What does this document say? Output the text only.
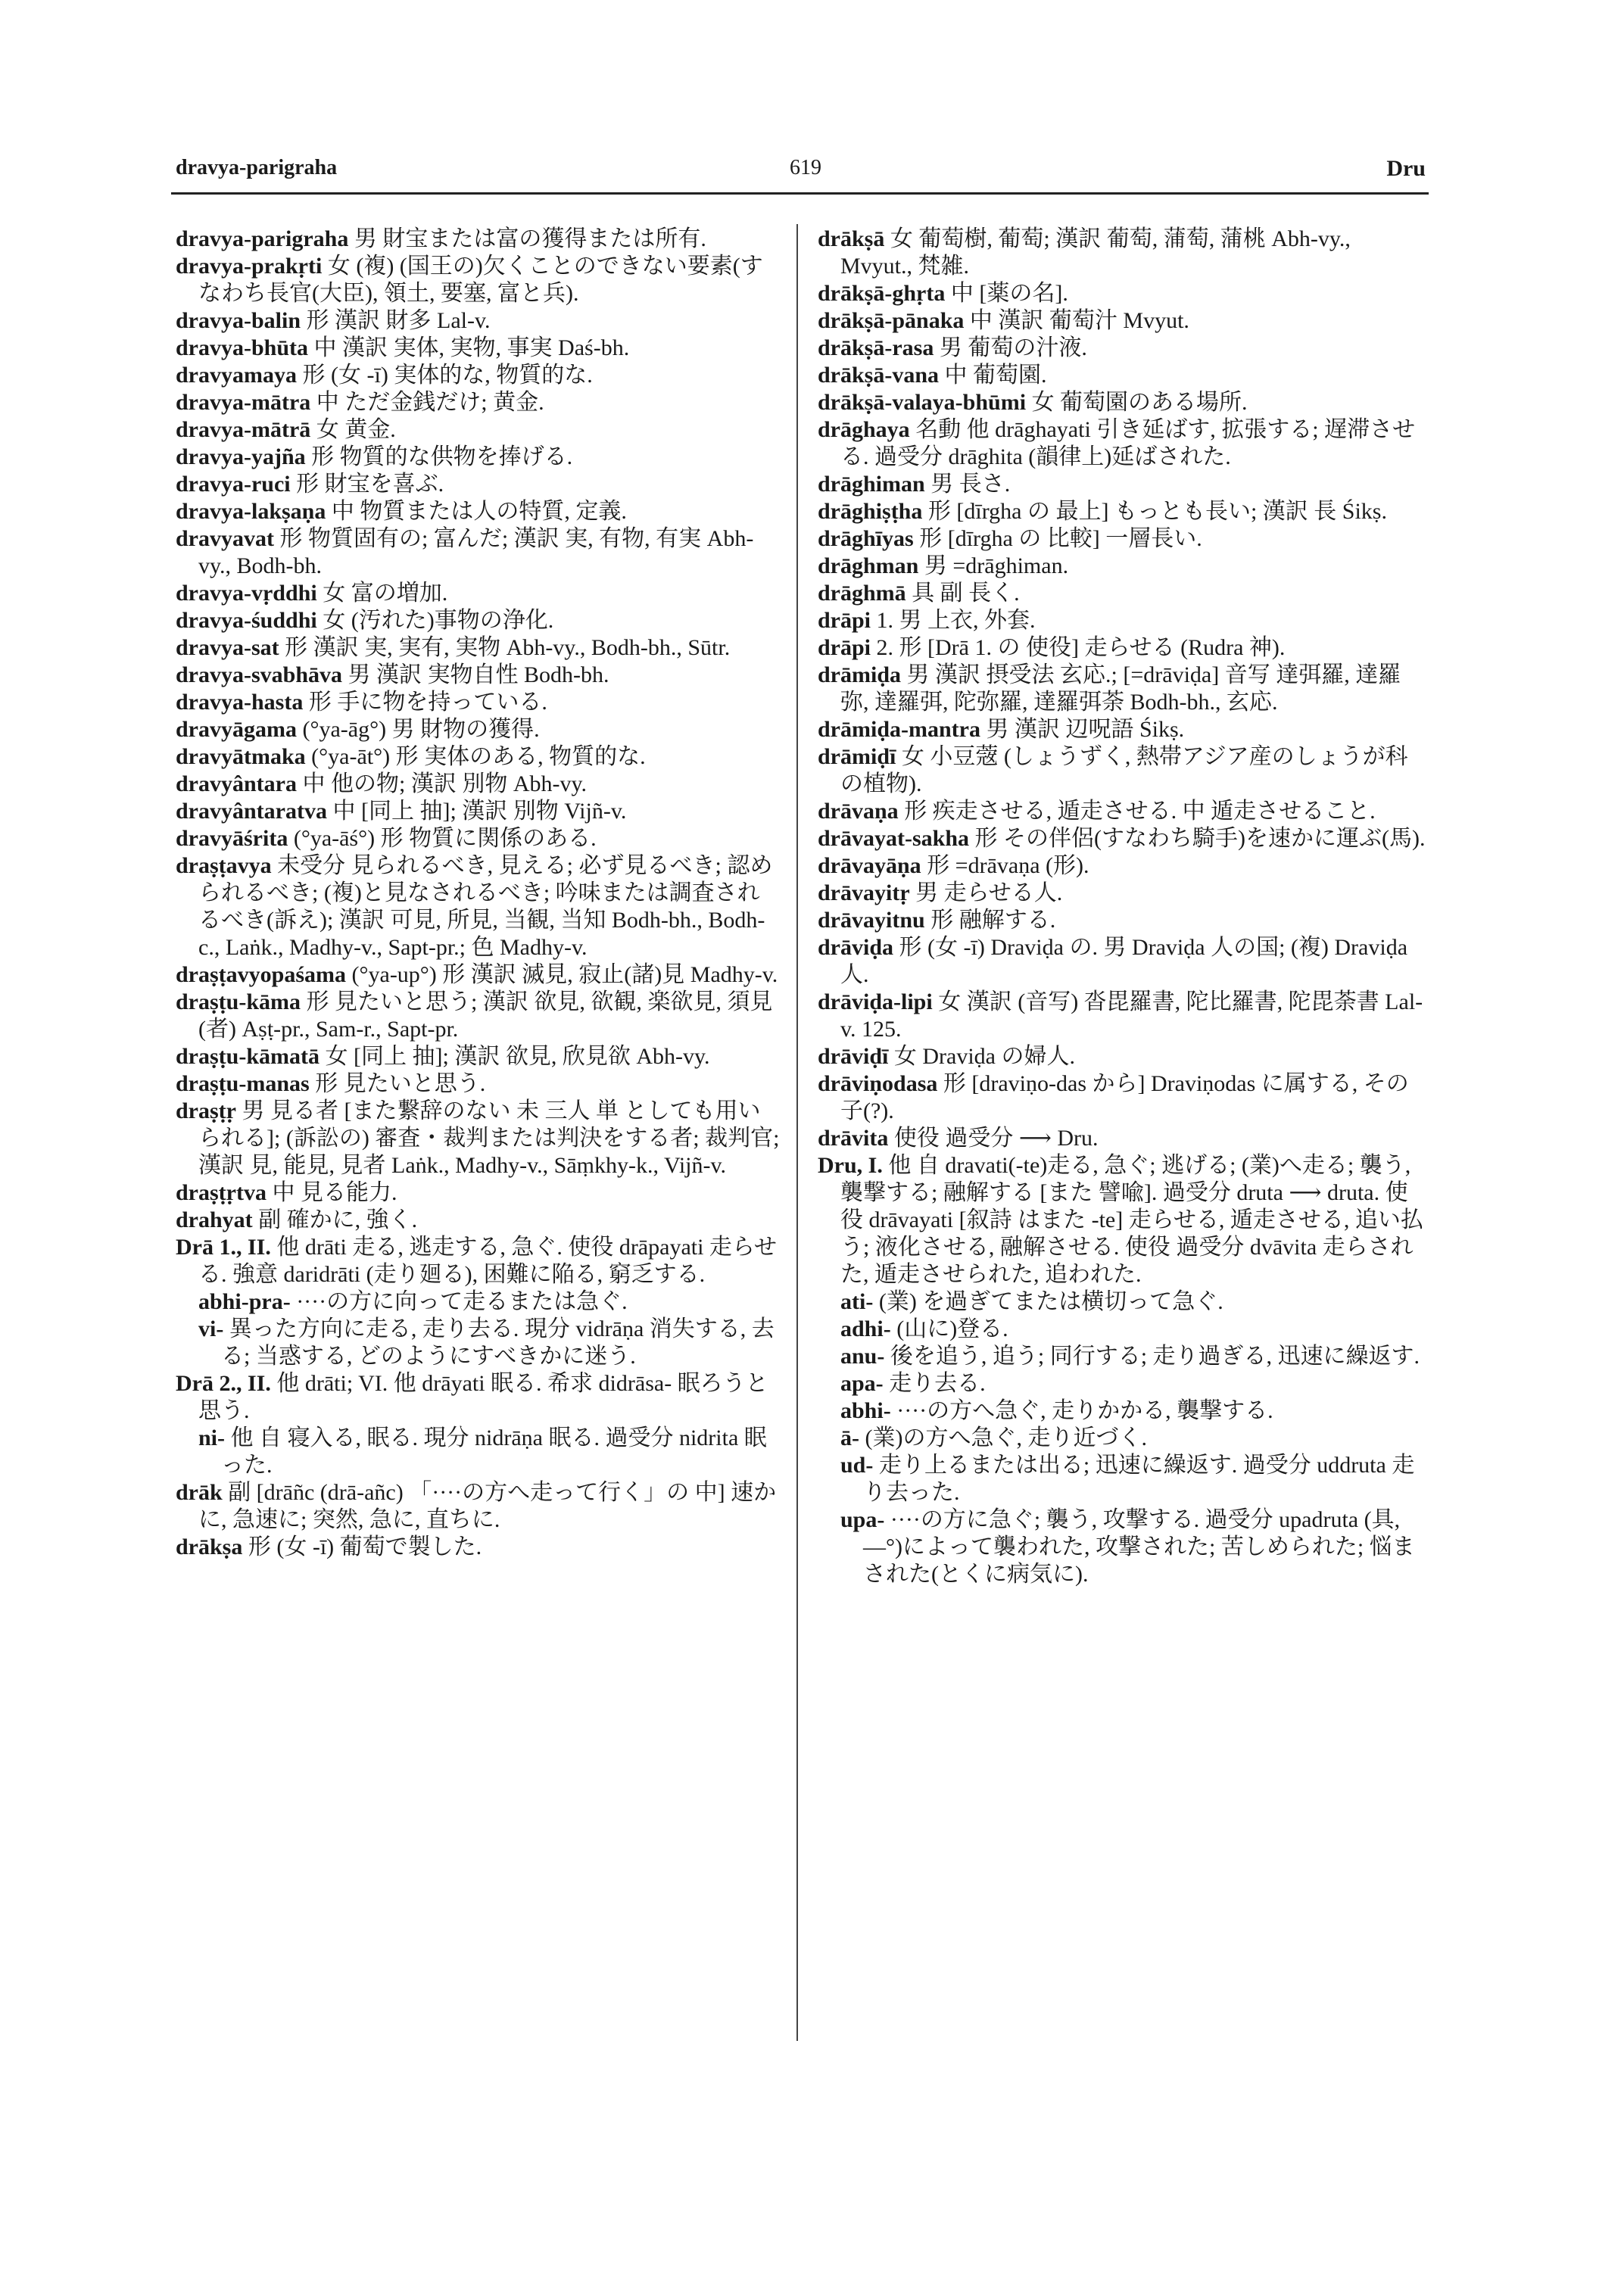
dravya-parigraha	619	Dru

dravya-parigraha 男 財宝または富の獲得または所有.

dravya-prakṛti 女 (複) (国王の)欠くことのできない要素(すなわち長官(大臣), 領土, 要塞, 富と兵).

dravya-balin 形 漢訳 財多 Lal-v.

dravya-bhūta 中 漢訳 実体, 実物, 事実 Daś-bh.

dravyamaya 形 (女 -ī) 実体的な, 物質的な.

dravya-mātra 中 ただ金銭だけ; 黄金.

dravya-mātrā 女 黄金.

dravya-yajña 形 物質的な供物を捧げる.

dravya-ruci 形 財宝を喜ぶ.

dravya-lakṣaṇa 中 物質または人の特質, 定義.

dravyavat 形 物質固有の; 富んだ; 漢訳 実, 有物, 有実 Abh-vy., Bodh-bh.

dravya-vṛddhi 女 富の増加.

dravya-śuddhi 女 (汚れた)事物の浄化.

dravya-sat 形 漢訳 実, 実有, 実物 Abh-vy., Bodh-bh., Sūtr.

dravya-svabhāva 男 漢訳 実物自性 Bodh-bh.

dravya-hasta 形 手に物を持っている.

dravyāgama (°ya-āg°) 男 財物の獲得.

dravyātmaka (°ya-āt°) 形 実体のある, 物質的な.

dravyântara 中 他の物; 漢訳 別物 Abh-vy.

dravyântaratva 中 [同上 抽]; 漢訳 別物 Vijñ-v.

dravyāśrita (°ya-āś°) 形 物質に関係のある.

draṣṭavya 未受分 見られるべき, 見える; 必ず見るべき; 認められるべき; (複)と見なされるべき; 吟味または調査されるべき(訴え); 漢訳 可見, 所見, 当観, 当知 Bodh-bh., Bodh-c., Laṅk., Madhy-v., Sapt-pr.; 色 Madhy-v.

draṣṭavyopaśama (°ya-up°) 形 漢訳 滅見, 寂止(諸)見 Madhy-v.

draṣṭu-kāma 形 見たいと思う; 漢訳 欲見, 欲観, 楽欲見, 須見(者) Aṣṭ-pr., Sam-r., Sapt-pr.

draṣṭu-kāmatā 女 [同上 抽]; 漢訳 欲見, 欣見欲 Abh-vy.

draṣṭu-manas 形 見たいと思う.

draṣṭṛ 男 見る者 [また繋辞のない 未 三人 単 としても用いられる]; (訴訟の) 審査・裁判または判決をする者; 裁判官; 漢訳 見, 能見, 見者 Laṅk., Madhy-v., Sāṃkhy-k., Vijñ-v.

draṣṭṛtva 中 見る能力.

drahyat 副 確かに, 強く.

Drā 1., II. 他 drāti 走る, 逃走する, 急ぐ. 使役 drāpayati 走らせる. 強意 daridrāti (走り廻る), 困難に陥る, 窮乏する.

abhi-pra- ····の方に向って走るまたは急ぐ.

vi- 異った方向に走る, 走り去る. 現分 vidrāṇa 消失する, 去る; 当惑する, どのようにすべきかに迷う.

Drā 2., II. 他 drāti; VI. 他 drāyati 眠る. 希求 didrāsa- 眠ろうと思う.

ni- 他 自 寝入る, 眠る. 現分 nidrāṇa 眠る. 過受分 nidrita 眠った.

drāk 副 [drāñc (drā-añc) 「····の方へ走って行く」の 中] 速かに, 急速に; 突然, 急に, 直ちに.

drākṣa 形 (女 -ī) 葡萄で製した.

drākṣā 女 葡萄樹, 葡萄; 漢訳 葡萄, 蒲萄, 蒲桃 Abh-vy., Mvyut., 梵雑.

drākṣā-ghṛta 中 [薬の名].

drākṣā-pānaka 中 漢訳 葡萄汁 Mvyut.

drākṣā-rasa 男 葡萄の汁液.

drākṣā-vana 中 葡萄園.

drākṣā-valaya-bhūmi 女 葡萄園のある場所.

drāghaya 名動 他 drāghayati 引き延ばす, 拡張する; 遅滞させる. 過受分 drāghita (韻律上)延ばされた.

drāghiman 男 長さ.

drāghiṣṭha 形 [dīrgha の 最上] もっとも長い; 漢訳 長 Śikṣ.

drāghīyas 形 [dīrgha の 比較] 一層長い.

drāghman 男 =drāghiman.

drāghmā 具 副 長く.

drāpi 1. 男 上衣, 外套.

drāpi 2. 形 [Drā 1. の 使役] 走らせる (Rudra 神).

drāmiḍa 男 漢訳 摂受法 玄応.; [=drāviḍa] 音写 達弭羅, 達羅弥, 達羅弭, 陀弥羅, 達羅弭荼 Bodh-bh., 玄応.

drāmiḍa-mantra 男 漢訳 辺呪語 Śikṣ.

drāmiḍī 女 小豆蔲 (しょうずく, 熱帯アジア産のしょうが科の植物).

drāvaṇa 形 疾走させる, 遁走させる. 中 遁走させること.

drāvayat-sakha 形 その伴侶(すなわち騎手)を速かに運ぶ(馬).

drāvayāṇa 形 =drāvaṇa (形).

drāvayitṛ 男 走らせる人.

drāvayitnu 形 融解する.

drāviḍa 形 (女 -ī) Draviḍa の. 男 Draviḍa 人の国; (複) Draviḍa 人.

drāviḍa-lipi 女 漢訳 (音写) 沓毘羅書, 陀比羅書, 陀毘荼書 Lal-v. 125.

drāviḍī 女 Draviḍa の婦人.

drāviṇodasa 形 [draviṇo-das から] Draviṇodas に属する, その子(?).

drāvita 使役 過受分 ⟶ Dru.

Dru, I. 他 自 dravati(-te)走る, 急ぐ; 逃げる; (業)へ走る; 襲う, 襲撃する; 融解する [また 譬喩]. 過受分 druta ⟶ druta. 使役 drāvayati [叙詩 はまた -te] 走らせる, 遁走させる, 追い払う; 液化させる, 融解させる. 使役 過受分 dvāvita 走らされた, 遁走させられた, 追われた.

ati- (業) を過ぎてまたは横切って急ぐ.

adhi- (山に)登る.

anu- 後を追う, 追う; 同行する; 走り過ぎる, 迅速に繰返す.

apa- 走り去る.

abhi- ····の方へ急ぐ, 走りかかる, 襲撃する.

ā- (業)の方へ急ぐ, 走り近づく.

ud- 走り上るまたは出る; 迅速に繰返す. 過受分 uddruta 走り去った.

upa- ····の方に急ぐ; 襲う, 攻撃する. 過受分 upadruta (具, —°)によって襲われた, 攻撃された; 苦しめられた; 悩まされた(とくに病気に).
